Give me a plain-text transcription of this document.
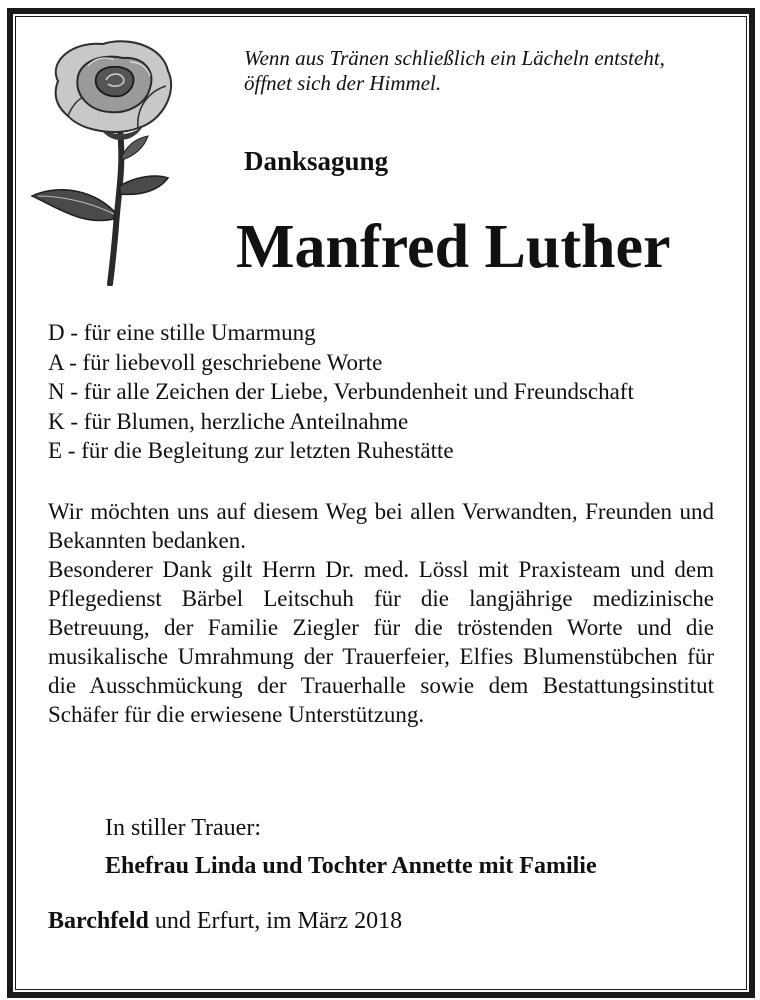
Wenn aus Tränen schließlich ein Lächeln entsteht,
öffnet sich der Himmel.
Danksagung
Manfred Luther
D - für eine stille Umarmung
A - für liebevoll geschriebene Worte
N - für alle Zeichen der Liebe, Verbundenheit und Freundschaft
K - für Blumen, herzliche Anteilnahme
E - für die Begleitung zur letzten Ruhestätte

Wir möchten uns auf diesem Weg bei allen Verwandten, Freunden und Bekannten bedanken.

Besonderer Dank gilt Herrn Dr. med. Lössl mit Praxisteam und dem Pflegedienst Bärbel Leitschuh für die langjährige medizinische Betreuung, der Familie Ziegler für die tröstenden Worte und die musikalische Umrahmung der Trauerfeier, Elfies Blumenstübchen für die Ausschmückung der Trauerhalle sowie dem Bestattungsinstitut Schäfer für die erwiesene Unterstützung.

In stiller Trauer:
Ehefrau Linda und Tochter Annette mit Familie
Barchfeld und Erfurt, im März 2018
